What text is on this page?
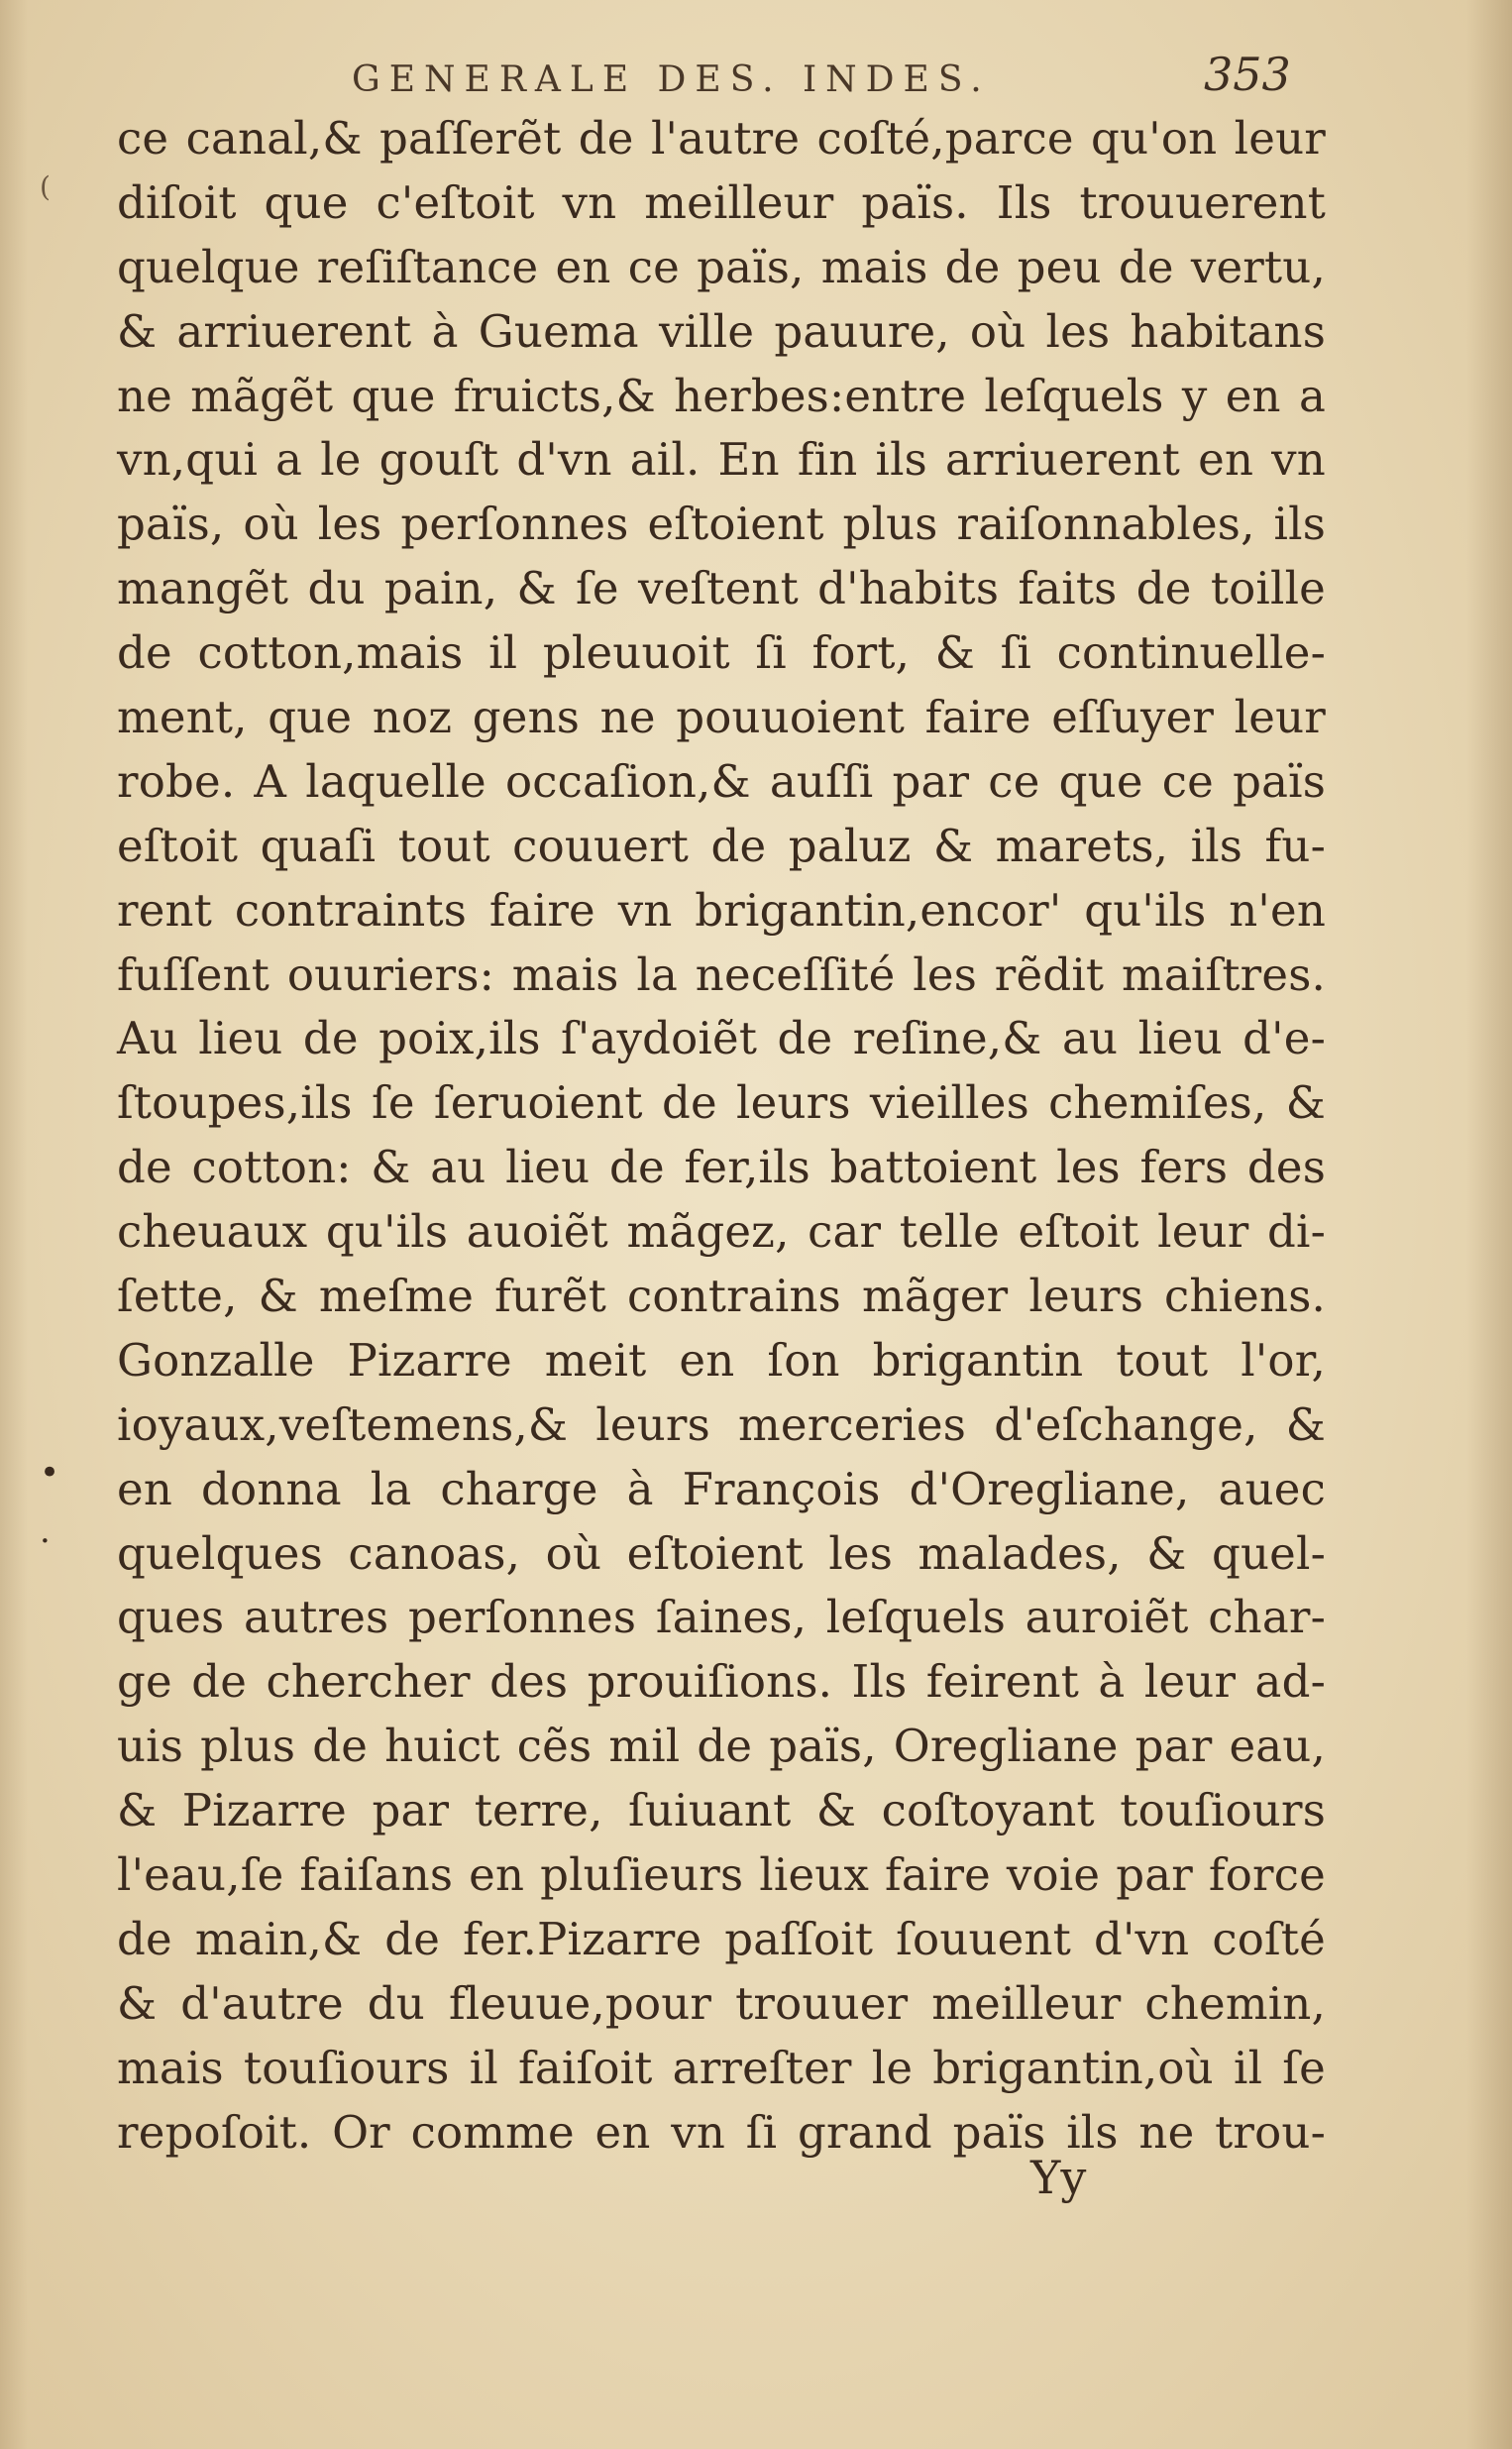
GENERALE DES. INDES.	353
(
•
·
ce canal,& paſſerẽt de l'autre coſté,parce qu'on leur
diſoit que c'eſtoit vn meilleur païs. Ils trouuerent
quelque reſiſtance en ce païs, mais de peu de vertu,
& arriuerent à Guema ville pauure, où les habitans
ne mãgẽt que fruicts,& herbes:entre leſquels y en a
vn,qui a le gouſt d'vn ail. En fin ils arriuerent en vn
païs, où les perſonnes eſtoient plus raiſonnables, ils
mangẽt du pain, & ſe veſtent d'habits faits de toille
de cotton,mais il pleuuoit ſi fort, & ſi continuelle-
ment, que noz gens ne pouuoient faire eſſuyer leur
robe. A laquelle occaſion,& auſſi par ce que ce païs
eſtoit quaſi tout couuert de paluz & marets, ils fu-
rent contraints faire vn brigantin,encor' qu'ils n'en
fuſſent ouuriers: mais la neceſſité les rẽdit maiſtres.
Au lieu de poix,ils ſ'aydoiẽt de reſine,& au lieu d'e-
ſtoupes,ils ſe ſeruoient de leurs vieilles chemiſes, &
de cotton: & au lieu de fer,ils battoient les fers des
cheuaux qu'ils auoiẽt mãgez, car telle eſtoit leur di-
ſette, & meſme furẽt contrains mãger leurs chiens.
Gonzalle Pizarre meit en ſon brigantin tout l'or,
ioyaux,veſtemens,& leurs merceries d'eſchange, &
en donna la charge à François d'Oregliane, auec
quelques canoas, où eſtoient les malades, & quel-
ques autres perſonnes ſaines, leſquels auroiẽt char-
ge de chercher des prouiſions. Ils feirent à leur ad-
uis plus de huict cẽs mil de païs, Oregliane par eau,
& Pizarre par terre, ſuiuant & coſtoyant touſiours
l'eau,ſe faiſans en pluſieurs lieux faire voie par force
de main,& de fer.Pizarre paſſoit ſouuent d'vn coſté
& d'autre du fleuue,pour trouuer meilleur chemin,
mais touſiours il faiſoit arreſter le brigantin,où il ſe
repoſoit. Or comme en vn ſi grand païs ils ne trou-
Yy
